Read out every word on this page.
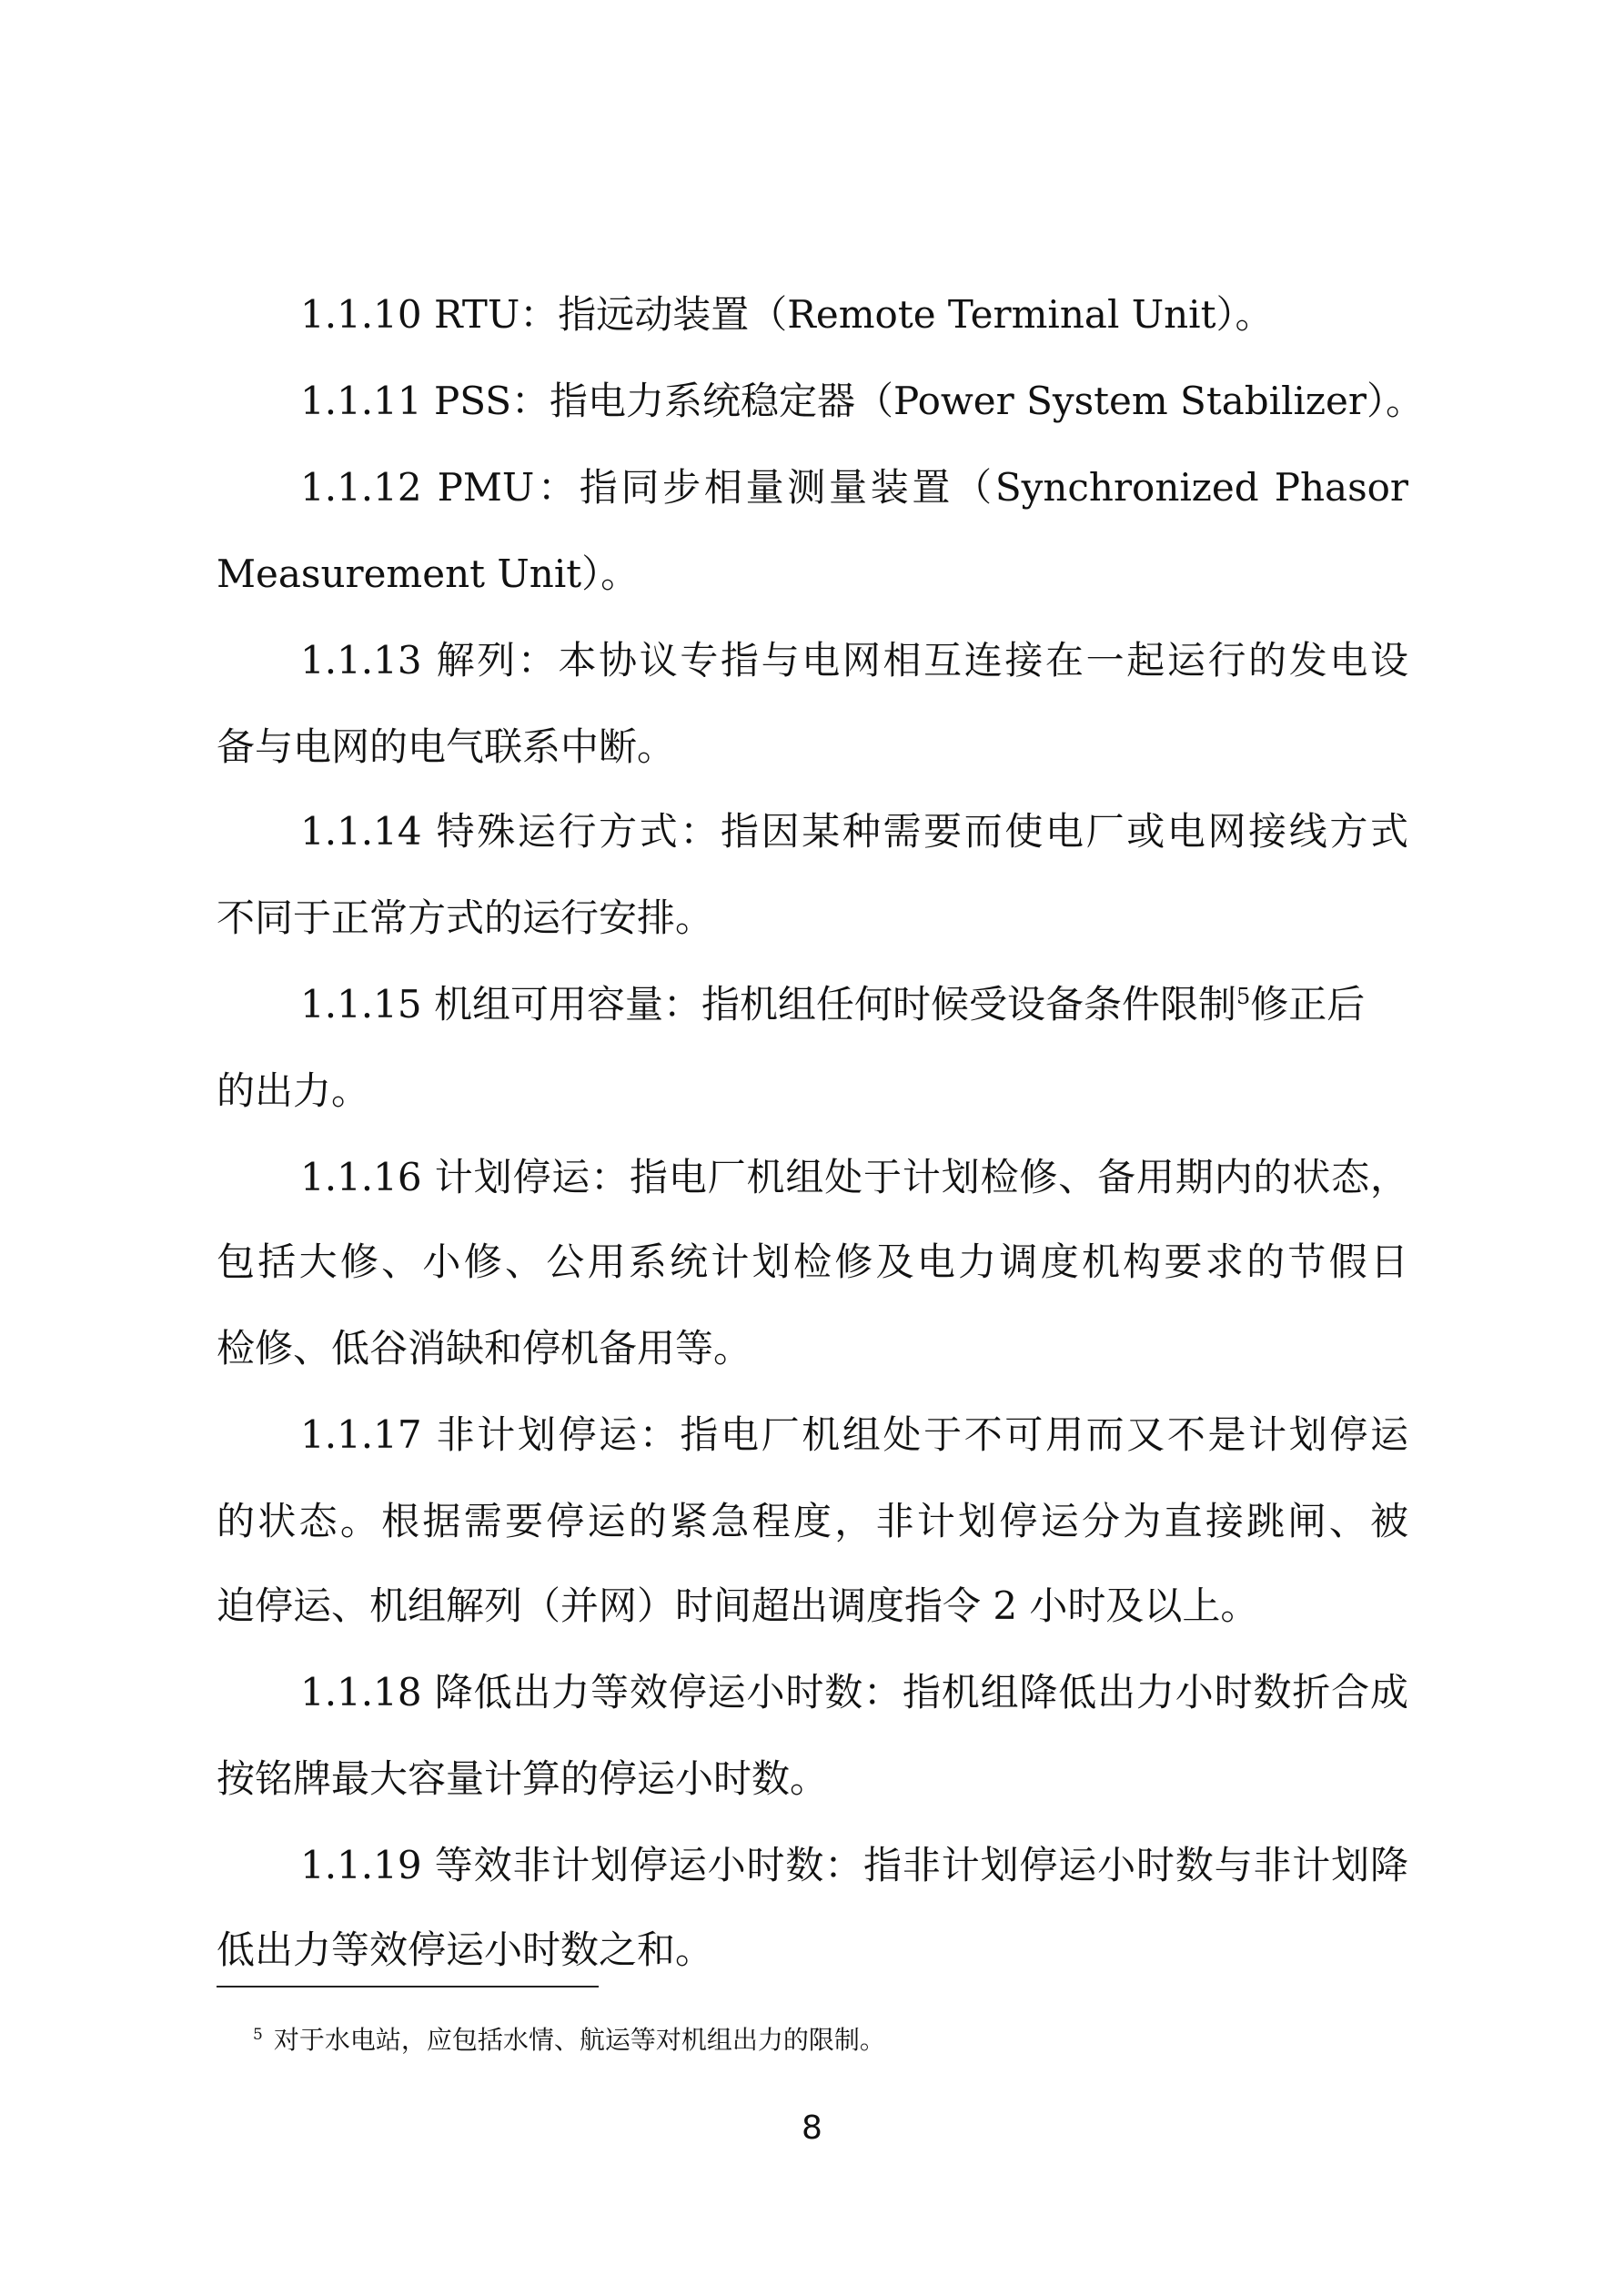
1.1.10 RTU：指远动装置（Remote Terminal Unit）。
1.1.11 PSS：指电力系统稳定器（Power System Stabilizer）。
1.1.12 PMU：指同步相量测量装置（Synchronized Phasor
Measurement Unit）。
1.1.13 解列：本协议专指与电网相互连接在一起运行的发电设
备与电网的电气联系中断。
1.1.14 特殊运行方式：指因某种需要而使电厂或电网接线方式
不同于正常方式的运行安排。
1.1.15 机组可用容量：指机组任何时候受设备条件限制$^5$修正后
的出力。
1.1.16 计划停运：指电厂机组处于计划检修、备用期内的状态，
包括大修、小修、公用系统计划检修及电力调度机构要求的节假日
检修、低谷消缺和停机备用等。
1.1.17 非计划停运：指电厂机组处于不可用而又不是计划停运
的状态。根据需要停运的紧急程度，非计划停运分为直接跳闸、被
迫停运、机组解列（并网）时间超出调度指令 2 小时及以上。
1.1.18 降低出力等效停运小时数：指机组降低出力小时数折合成
按铭牌最大容量计算的停运小时数。
1.1.19 等效非计划停运小时数：指非计划停运小时数与非计划降
低出力等效停运小时数之和。
$^5$ 对于水电站，应包括水情、航运等对机组出力的限制。
8
